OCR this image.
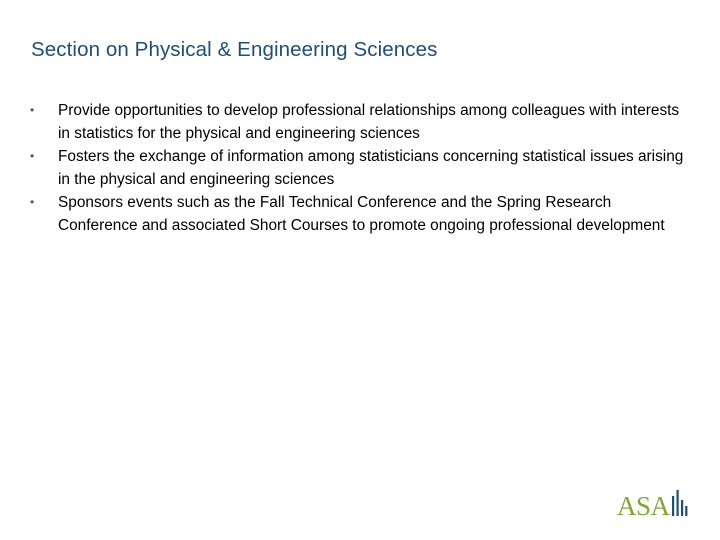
Section on Physical & Engineering Sciences
• Provide opportunities to develop professional relationships among colleagues with interests in statistics for the physical and engineering sciences
• Fosters the exchange of information among statisticians concerning statistical issues arising in the physical and engineering sciences
• Sponsors events such as the Fall Technical Conference and the Spring Research Conference and associated Short Courses to promote ongoing professional development
ASA
